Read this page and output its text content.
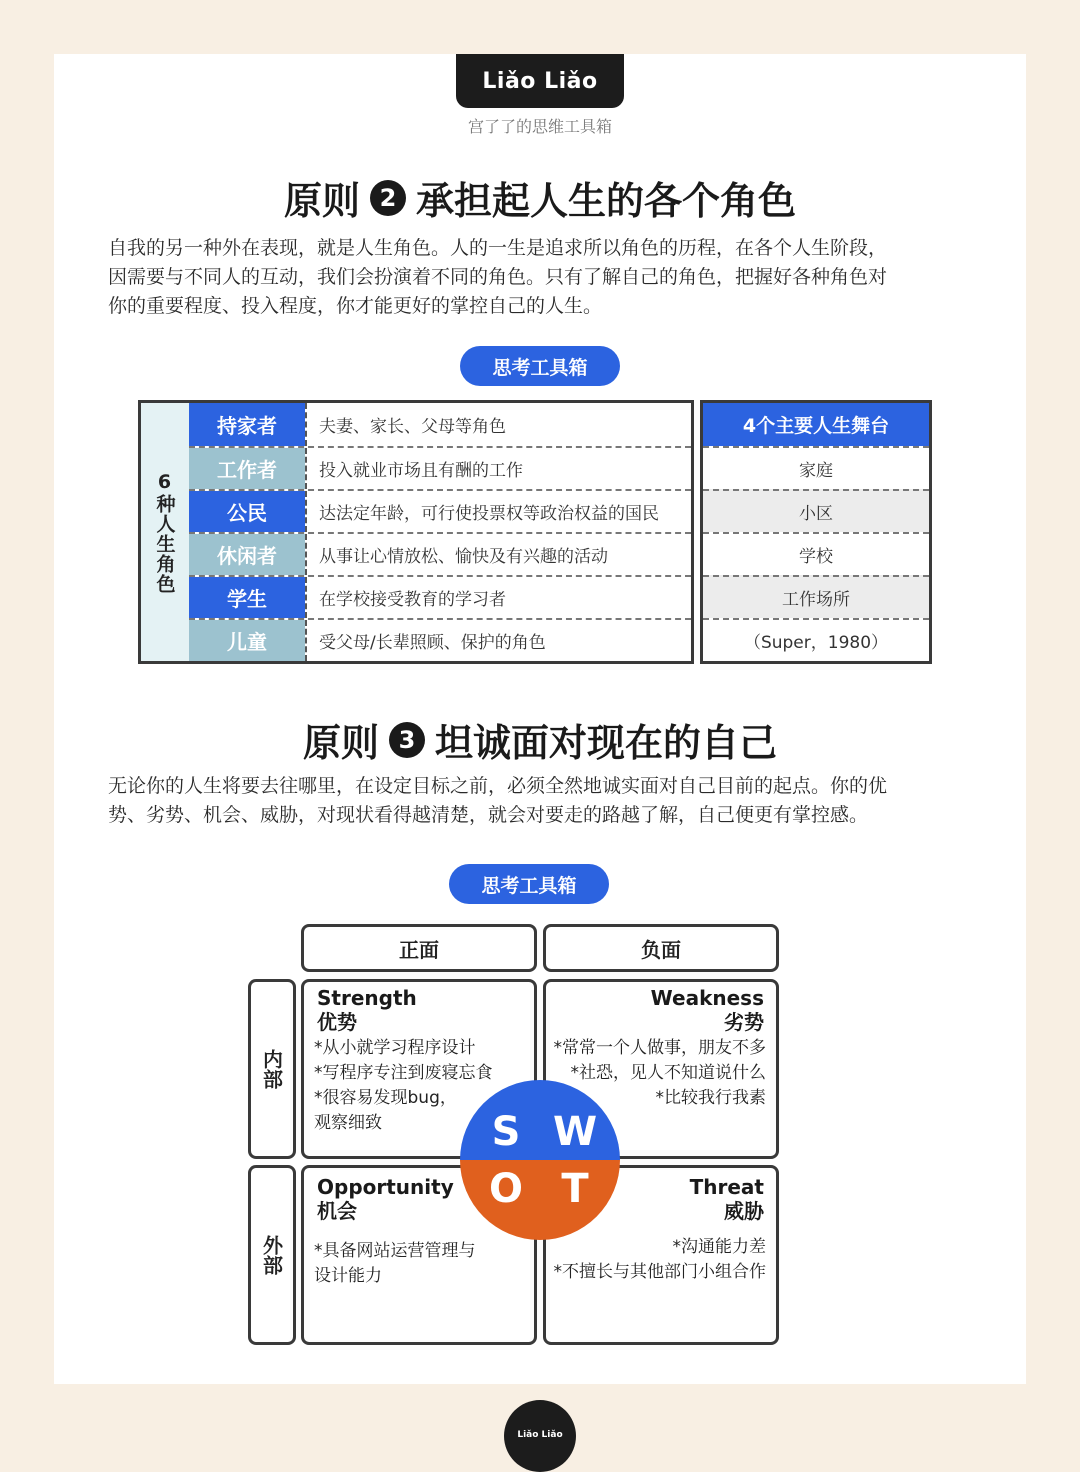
Liǎo Liǎo
宫了了的思维工具箱
原则 2 承担起人生的各个角色
自我的另一种外在表现，就是人生角色。人的一生是追求所以角色的历程，在各个人生阶段，
因需要与不同人的互动，我们会扮演着不同的角色。只有了解自己的角色，把握好各种角色对
你的重要程度、投入程度，你才能更好的掌控自己的人生。
思考工具箱
6种人生角色
持家者	夫妻、家长、父母等角色
工作者	投入就业市场且有酬的工作
公民	达法定年龄，可行使投票权等政治权益的国民
休闲者	从事让心情放松、愉快及有兴趣的活动
学生	在学校接受教育的学习者
儿童	受父母/长辈照顾、保护的角色
4个主要人生舞台
家庭
小区
学校
工作场所
（Super，1980）
原则 3 坦诚面对现在的自己
无论你的人生将要去往哪里，在设定目标之前，必须全然地诚实面对自己目前的起点。你的优
势、劣势、机会、威胁，对现状看得越清楚，就会对要走的路越了解，自己便更有掌控感。
思考工具箱
正面	负面
内部
外部
S W
O T
Strength
优势
*从小就学习程序设计
*写程序专注到废寝忘食
*很容易发现bug，
观察细致
Weakness
劣势
*常常一个人做事，朋友不多
*社恐，见人不知道说什么
*比较我行我素
Opportunity
机会
*具备网站运营管理与
设计能力
Threat
威胁
*沟通能力差
*不擅长与其他部门小组合作
Liǎo Liǎo
